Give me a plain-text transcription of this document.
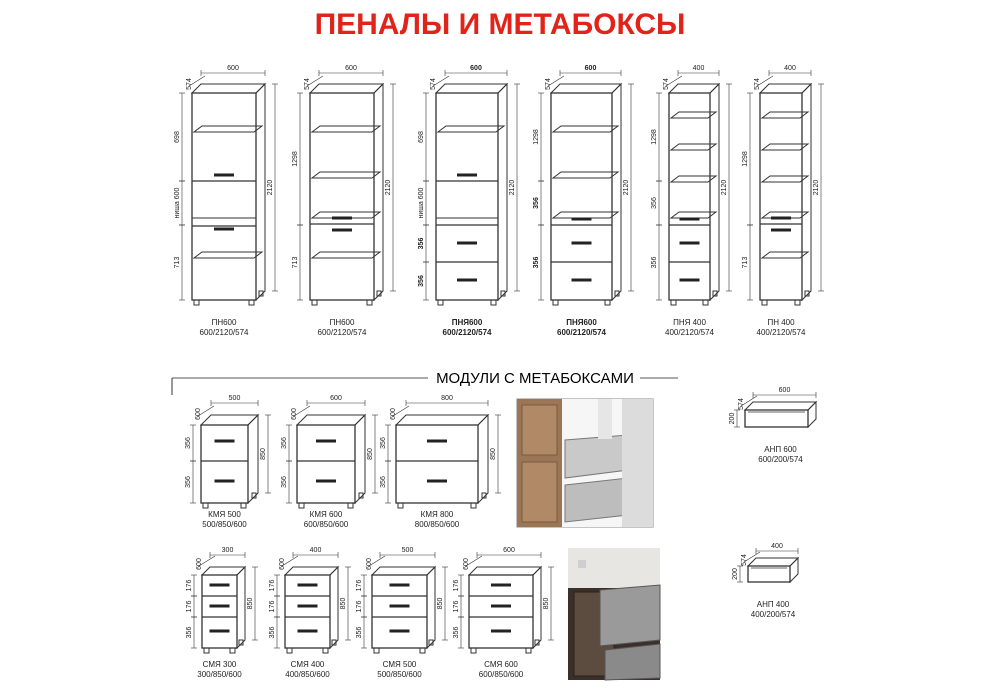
ПЕНАЛЫ И МЕТАБОКСЫ
600
574
2120
698
ниша 600
713
ПН600
600/2120/574
600
574
2120
1298
713
ПН600
600/2120/574
600
574
2120
698
ниша 600
356
356
ПНЯ600
600/2120/574
600
574
2120
1298
356
356
ПНЯ600
600/2120/574
400
574
2120
1298
356
356
ПНЯ 400
400/2120/574
400
574
2120
1298
713
ПН 400
400/2120/574
500
600
850
356
356
КМЯ 500
500/850/600
600
600
850
356
356
КМЯ 600
600/850/600
800
600
850
356
356
КМЯ 800
800/850/600
300
600
850
176
176
356
СМЯ 300
300/850/600
400
600
850
176
176
356
СМЯ 400
400/850/600
500
600
850
176
176
356
СМЯ 500
500/850/600
600
600
850
176
176
356
СМЯ 600
600/850/600
600
574
200
АНП 600
600/200/574
400
574
200
АНП 400
400/200/574
МОДУЛИ С МЕТАБОКСАМИ
